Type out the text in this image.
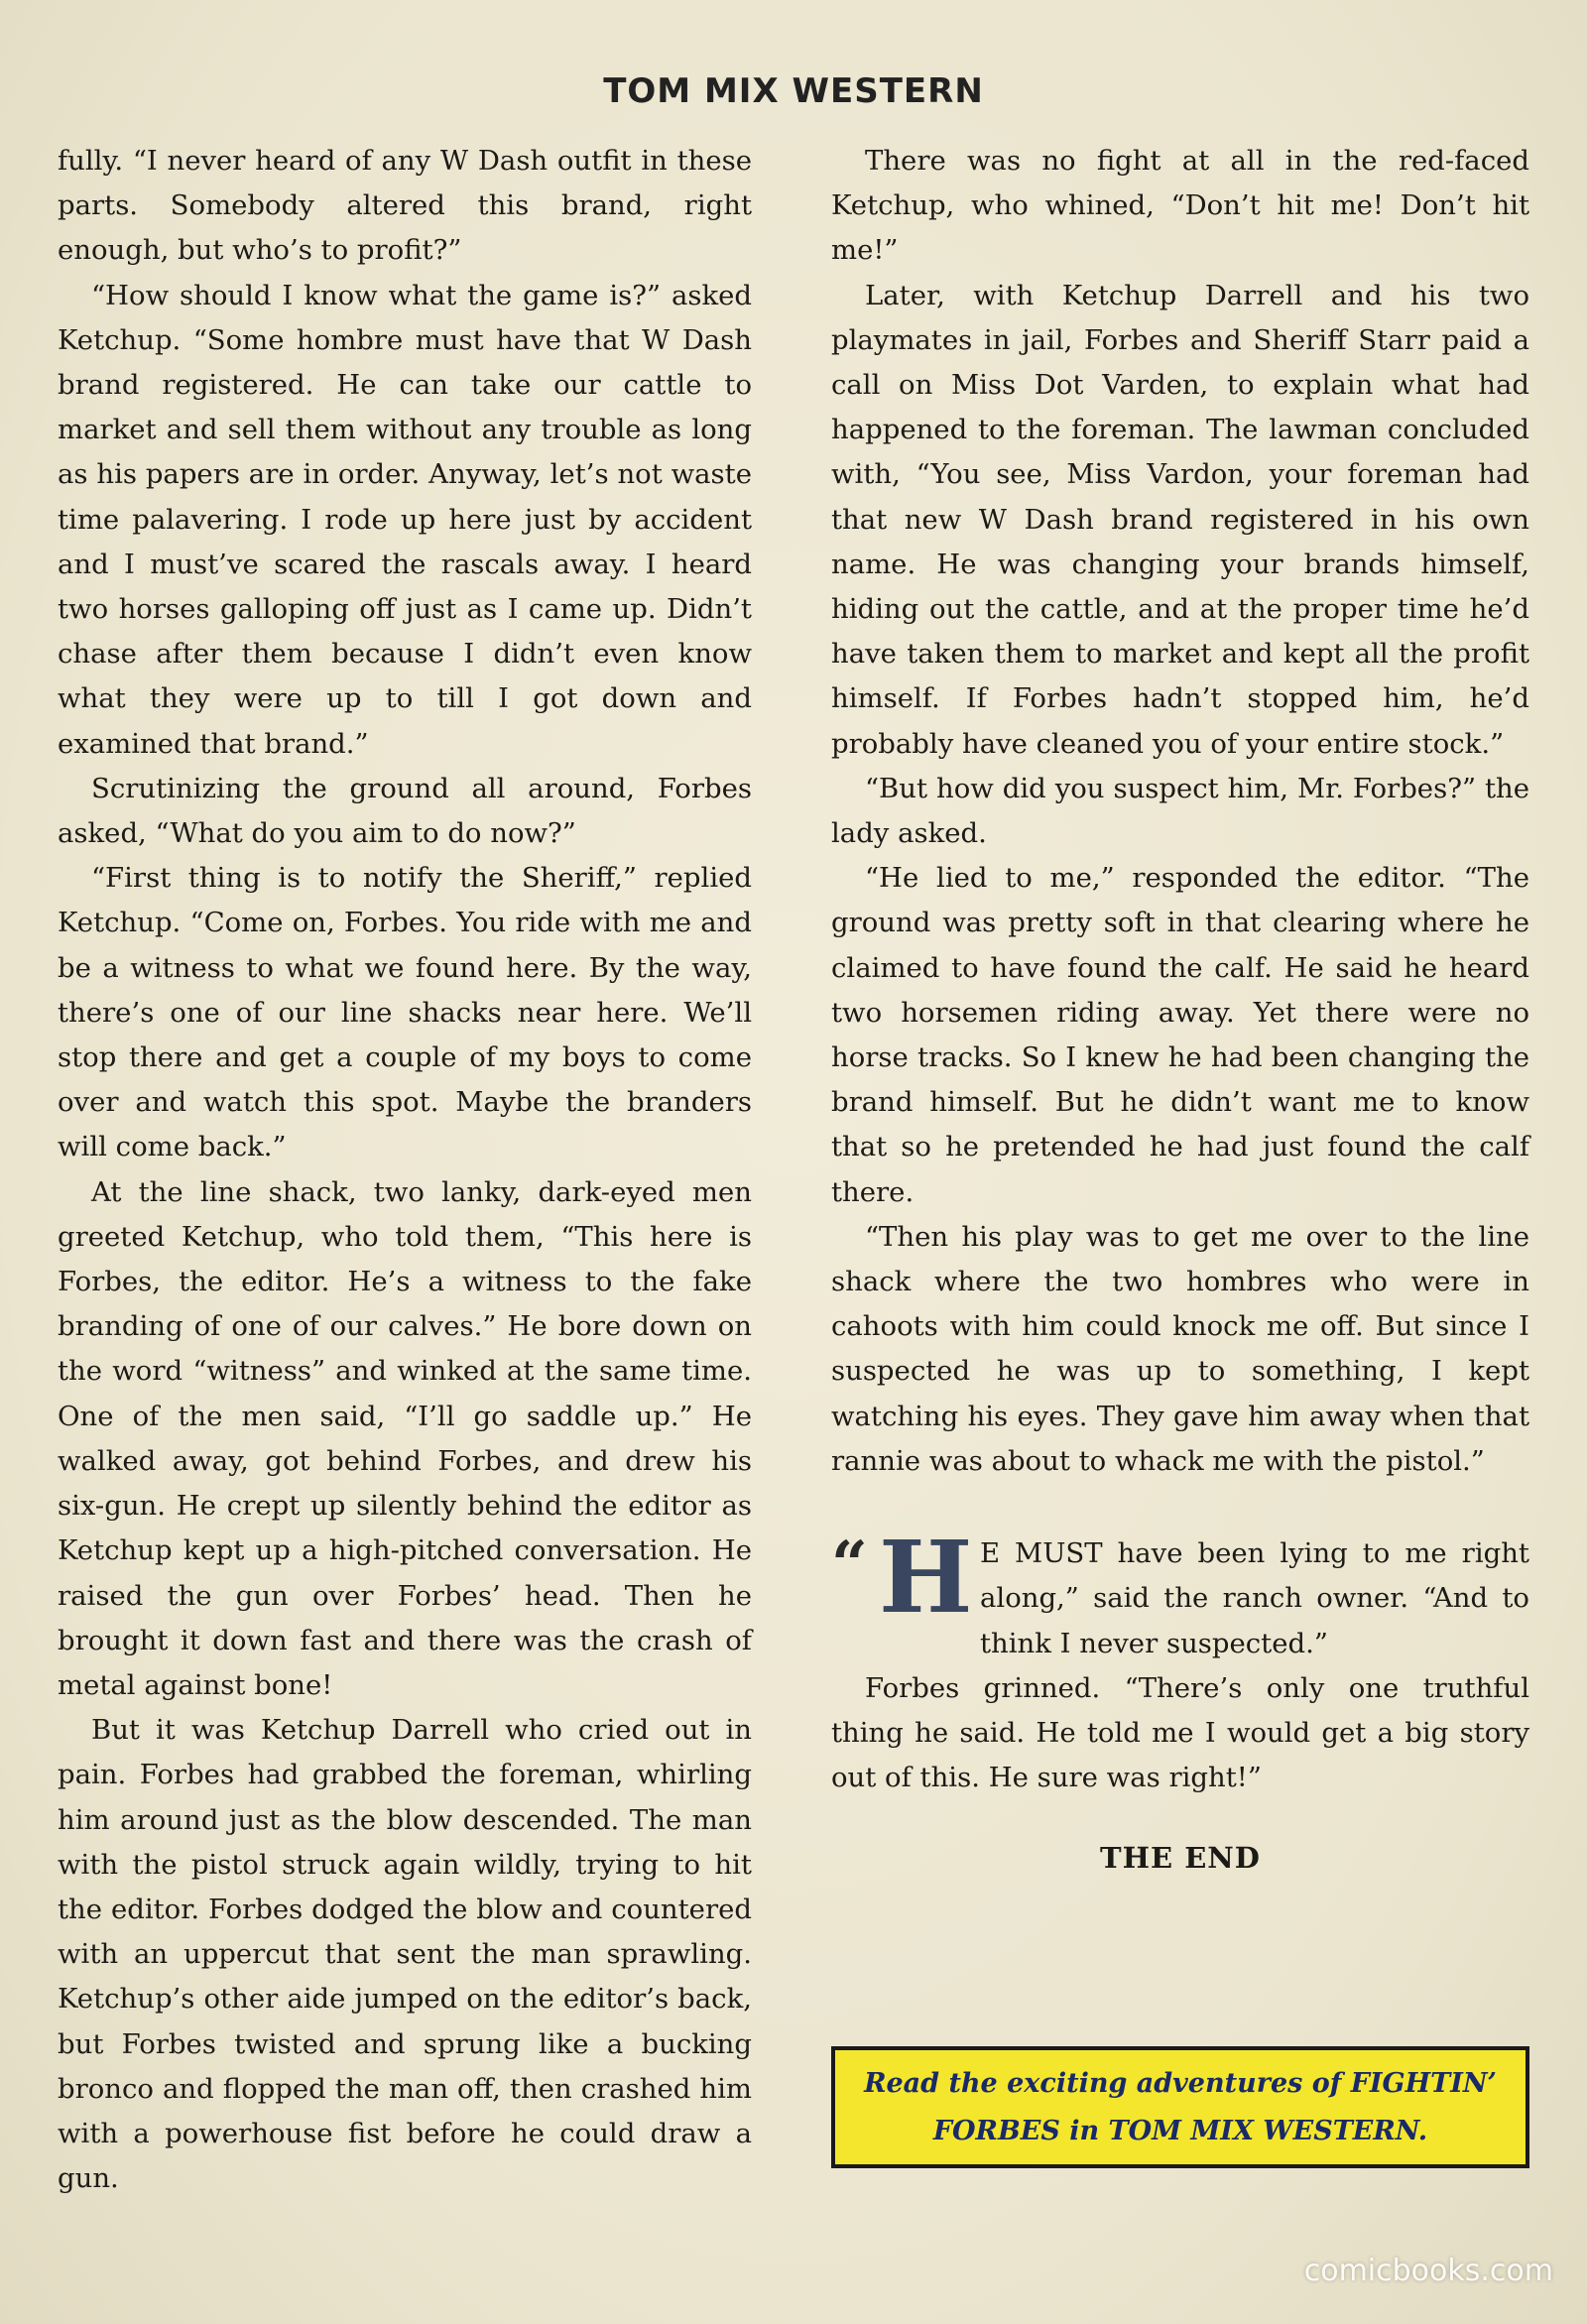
TOM MIX WESTERN

fully. “I never heard of any W Dash outfit in these parts. Somebody altered this brand, right enough, but who’s to profit?”

“How should I know what the game is?” asked Ketchup. “Some hombre must have that W Dash brand registered. He can take our cattle to market and sell them without any trouble as long as his papers are in order. Anyway, let’s not waste time palavering. I rode up here just by accident and I must’ve scared the rascals away. I heard two horses galloping off just as I came up. Didn’t chase after them because I didn’t even know what they were up to till I got down and examined that brand.”

Scrutinizing the ground all around, Forbes asked, “What do you aim to do now?”

“First thing is to notify the Sheriff,” replied Ketchup. “Come on, Forbes. You ride with me and be a witness to what we found here. By the way, there’s one of our line shacks near here. We’ll stop there and get a couple of my boys to come over and watch this spot. Maybe the branders will come back.”

At the line shack, two lanky, dark-eyed men greeted Ketchup, who told them, “This here is Forbes, the editor. He’s a witness to the fake branding of one of our calves.” He bore down on the word “witness” and winked at the same time. One of the men said, “I’ll go saddle up.” He walked away, got behind Forbes, and drew his six-gun. He crept up silently behind the editor as Ketchup kept up a high-pitched conversation. He raised the gun over Forbes’ head. Then he brought it down fast and there was the crash of metal against bone!

But it was Ketchup Darrell who cried out in pain. Forbes had grabbed the foreman, whirling him around just as the blow descended. The man with the pistol struck again wildly, trying to hit the editor. Forbes dodged the blow and countered with an uppercut that sent the man sprawling. Ketchup’s other aide jumped on the editor’s back, but Forbes twisted and sprung like a bucking bronco and flopped the man off, then crashed him with a powerhouse fist before he could draw a gun.

There was no fight at all in the red-faced Ketchup, who whined, “Don’t hit me! Don’t hit me!”

Later, with Ketchup Darrell and his two playmates in jail, Forbes and Sheriff Starr paid a call on Miss Dot Varden, to explain what had happened to the foreman. The lawman concluded with, “You see, Miss Vardon, your foreman had that new W Dash brand registered in his own name. He was changing your brands himself, hiding out the cattle, and at the proper time he’d have taken them to market and kept all the profit himself. If Forbes hadn’t stopped him, he’d probably have cleaned you of your entire stock.”

“But how did you suspect him, Mr. Forbes?” the lady asked.

“He lied to me,” responded the editor. “The ground was pretty soft in that clearing where he claimed to have found the calf. He said he heard two horsemen riding away. Yet there were no horse tracks. So I knew he had been changing the brand himself. But he didn’t want me to know that so he pretended he had just found the calf there.

“Then his play was to get me over to the line shack where the two hombres who were in cahoots with him could knock me off. But since I suspected he was up to something, I kept watching his eyes. They gave him away when that rannie was about to whack me with the pistol.”

“ H E MUST have been lying to me right along,” said the ranch owner. “And to think I never suspected.”

Forbes grinned. “There’s only one truthful thing he said. He told me I would get a big story out of this. He sure was right!”

THE END

Read the exciting adventures of FIGHTIN’
FORBES in TOM MIX WESTERN.
comicbooks.com
